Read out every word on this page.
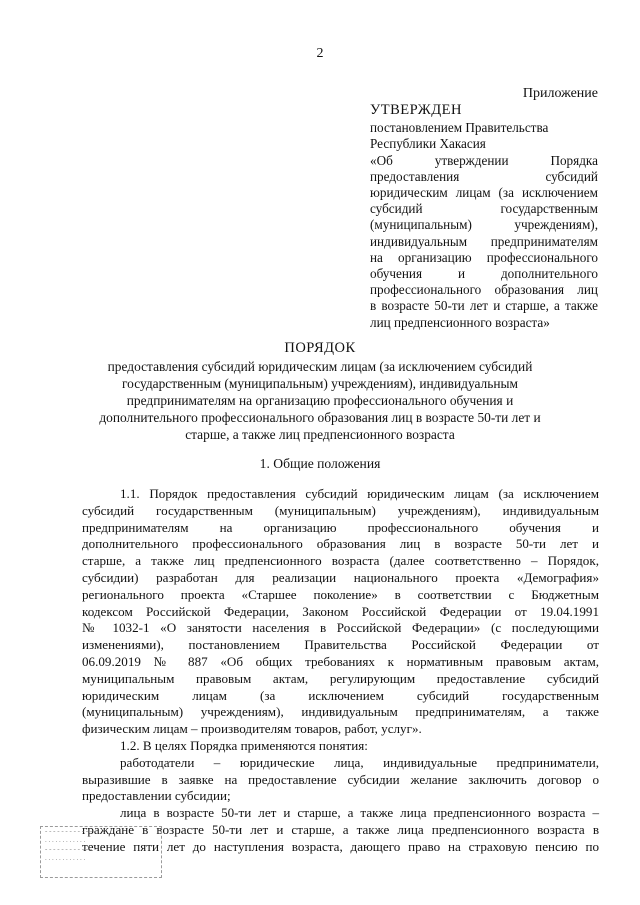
2
Приложение
УТВЕРЖДЕН
постановлением Правительства
Республики Хакасия
«Об утверждении Порядка
предоставления субсидий
юридическим лицам (за исключением
субсидий государственным
(муниципальным) учреждениям),
индивидуальным предпринимателям
на организацию профессионального
обучения и дополнительного
профессионального образования лиц
в возрасте 50-ти лет и старше, а также
лиц предпенсионного возраста»
ПОРЯДОК
предоставления субсидий юридическим лицам (за исключением субсидий
государственным (муниципальным) учреждениям), индивидуальным
предпринимателям на организацию профессионального обучения и
дополнительного профессионального образования лиц в возрасте 50-ти лет и
старше, а также лиц предпенсионного возраста
1. Общие положения
1.1. Порядок предоставления субсидий юридическим лицам (за исключением
субсидий государственным (муниципальным) учреждениям), индивидуальным
предпринимателям на организацию профессионального обучения и
дополнительного профессионального образования лиц в возрасте 50-ти лет и
старше, а также лиц предпенсионного возраста (далее соответственно – Порядок,
субсидии) разработан для реализации национального проекта «Демография»
регионального проекта «Старшее поколение» в соответствии с Бюджетным
кодексом Российской Федерации, Законом Российской Федерации от 19.04.1991
№ 1032-1 «О занятости населения в Российской Федерации» (с последующими
изменениями), постановлением Правительства Российской Федерации от
06.09.2019 № 887 «Об общих требованиях к нормативным правовым актам,
муниципальным правовым актам, регулирующим предоставление субсидий
юридическим лицам (за исключением субсидий государственным
(муниципальным) учреждениям), индивидуальным предпринимателям, а также
физическим лицам – производителям товаров, работ, услуг».
1.2. В целях Порядка применяются понятия:
работодатели – юридические лица, индивидуальные предприниматели,
выразившие в заявке на предоставление субсидии желание заключить договор о
предоставлении субсидии;
лица в возрасте 50-ти лет и старше, а также лица предпенсионного возраста –
граждане в возрасте 50-ти лет и старше, а также лица предпенсионного возраста в
течение пяти лет до наступления возраста, дающего право на страховую пенсию по
- - - - - - - - - - - - -
. . . . . . . . . . . .
- - - - - - - - - - - - -
. . . . . . . . . . . .
